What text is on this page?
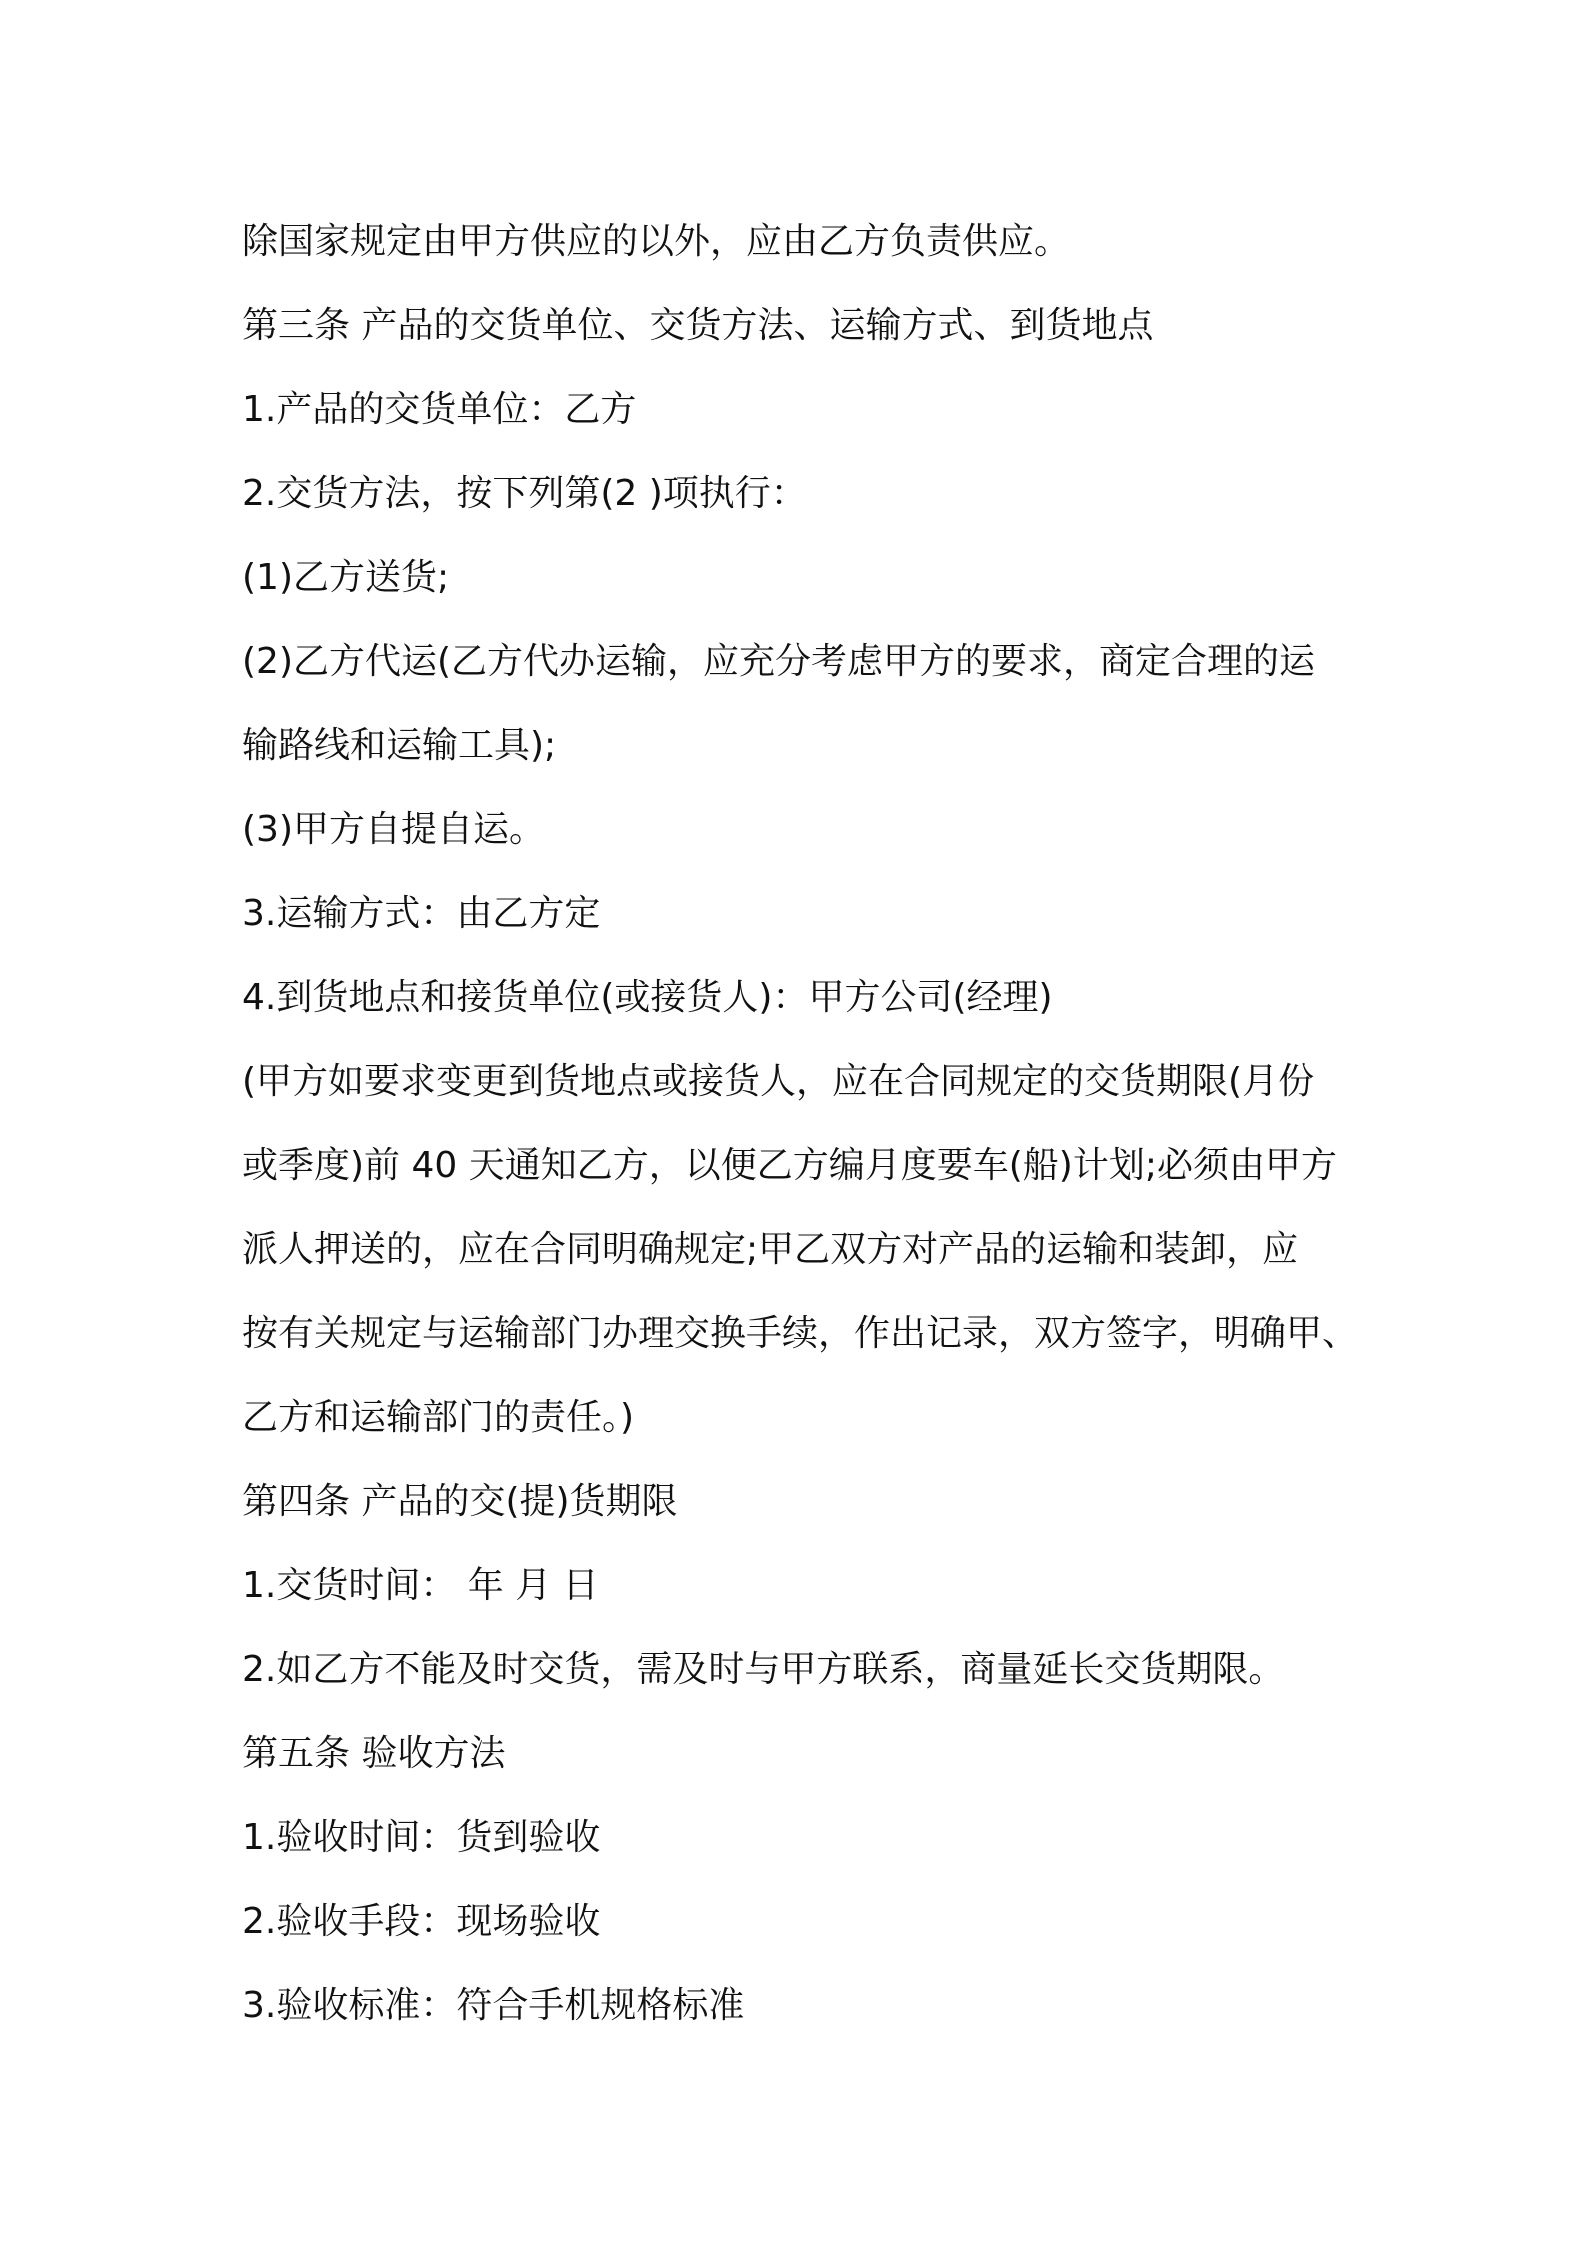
除国家规定由甲方供应的以外，应由乙方负责供应。
第三条 产品的交货单位、交货方法、运输方式、到货地点
1.产品的交货单位：乙方
2.交货方法，按下列第(2 )项执行：
(1)乙方送货;
(2)乙方代运(乙方代办运输，应充分考虑甲方的要求，商定合理的运
输路线和运输工具);
(3)甲方自提自运。
3.运输方式：由乙方定
4.到货地点和接货单位(或接货人)：甲方公司(经理)
(甲方如要求变更到货地点或接货人，应在合同规定的交货期限(月份
或季度)前 40 天通知乙方，以便乙方编月度要车(船)计划;必须由甲方
派人押送的，应在合同明确规定;甲乙双方对产品的运输和装卸，应
按有关规定与运输部门办理交换手续，作出记录，双方签字，明确甲、
乙方和运输部门的责任。)
第四条 产品的交(提)货期限
1.交货时间： 年 月 日
2.如乙方不能及时交货，需及时与甲方联系，商量延长交货期限。
第五条 验收方法
1.验收时间：货到验收
2.验收手段：现场验收
3.验收标准：符合手机规格标准
